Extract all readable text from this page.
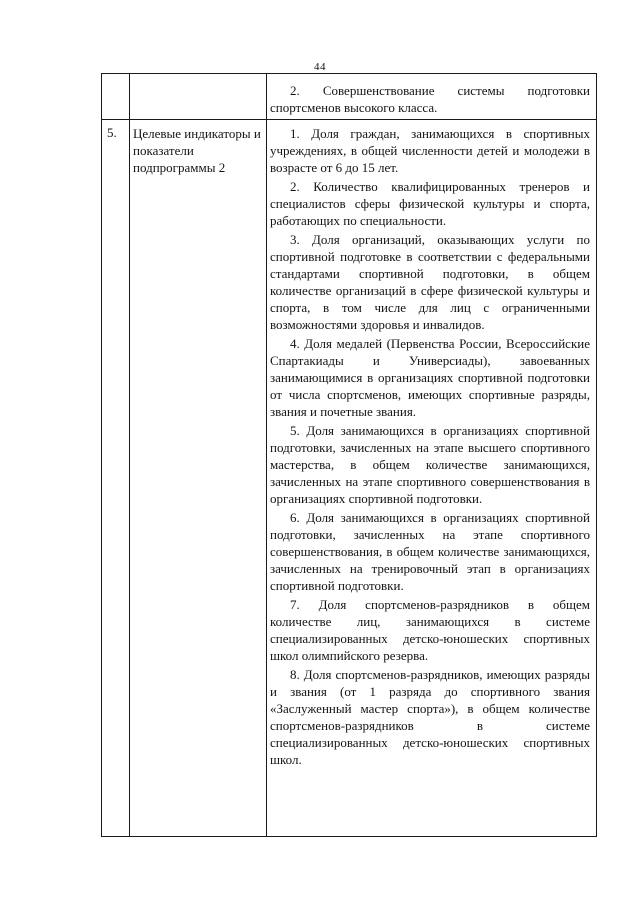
44

2. Совершенствование системы подготовки спортсменов высокого класса.

5. Целевые индикаторы и показатели подпрограммы 2

1. Доля граждан, занимающихся в спортивных учреждениях, в общей численности детей и молодежи в возрасте от 6 до 15 лет.

2. Количество квалифицированных тренеров и специалистов сферы физической культуры и спорта, работающих по специальности.

3. Доля организаций, оказывающих услуги по спортивной подготовке в соответствии с федеральными стандартами спортивной подготовки, в общем количестве организаций в сфере физической культуры и спорта, в том числе для лиц с ограниченными возможностями здоровья и инвалидов.

4. Доля медалей (Первенства России, Всероссийские Спартакиады и Универсиады), завоеванных занимающимися в организациях спортивной подготовки от числа спортсменов, имеющих спортивные разряды, звания и почетные звания.

5. Доля занимающихся в организациях спортивной подготовки, зачисленных на этапе высшего спортивного мастерства, в общем количестве занимающихся, зачисленных на этапе спортивного совершенствования в организациях спортивной подготовки.

6. Доля занимающихся в организациях спортивной подготовки, зачисленных на этапе спортивного совершенствования, в общем количестве занимающихся, зачисленных на тренировочный этап в организациях спортивной подготовки.

7. Доля спортсменов-разрядников в общем количестве лиц, занимающихся в системе специализированных детско-юношеских спортивных школ олимпийского резерва.

8. Доля спортсменов-разрядников, имеющих разряды и звания (от 1 разряда до спортивного звания «Заслуженный мастер спорта»), в общем количестве спортсменов-разрядников в системе специализированных детско-юношеских спортивных школ.
